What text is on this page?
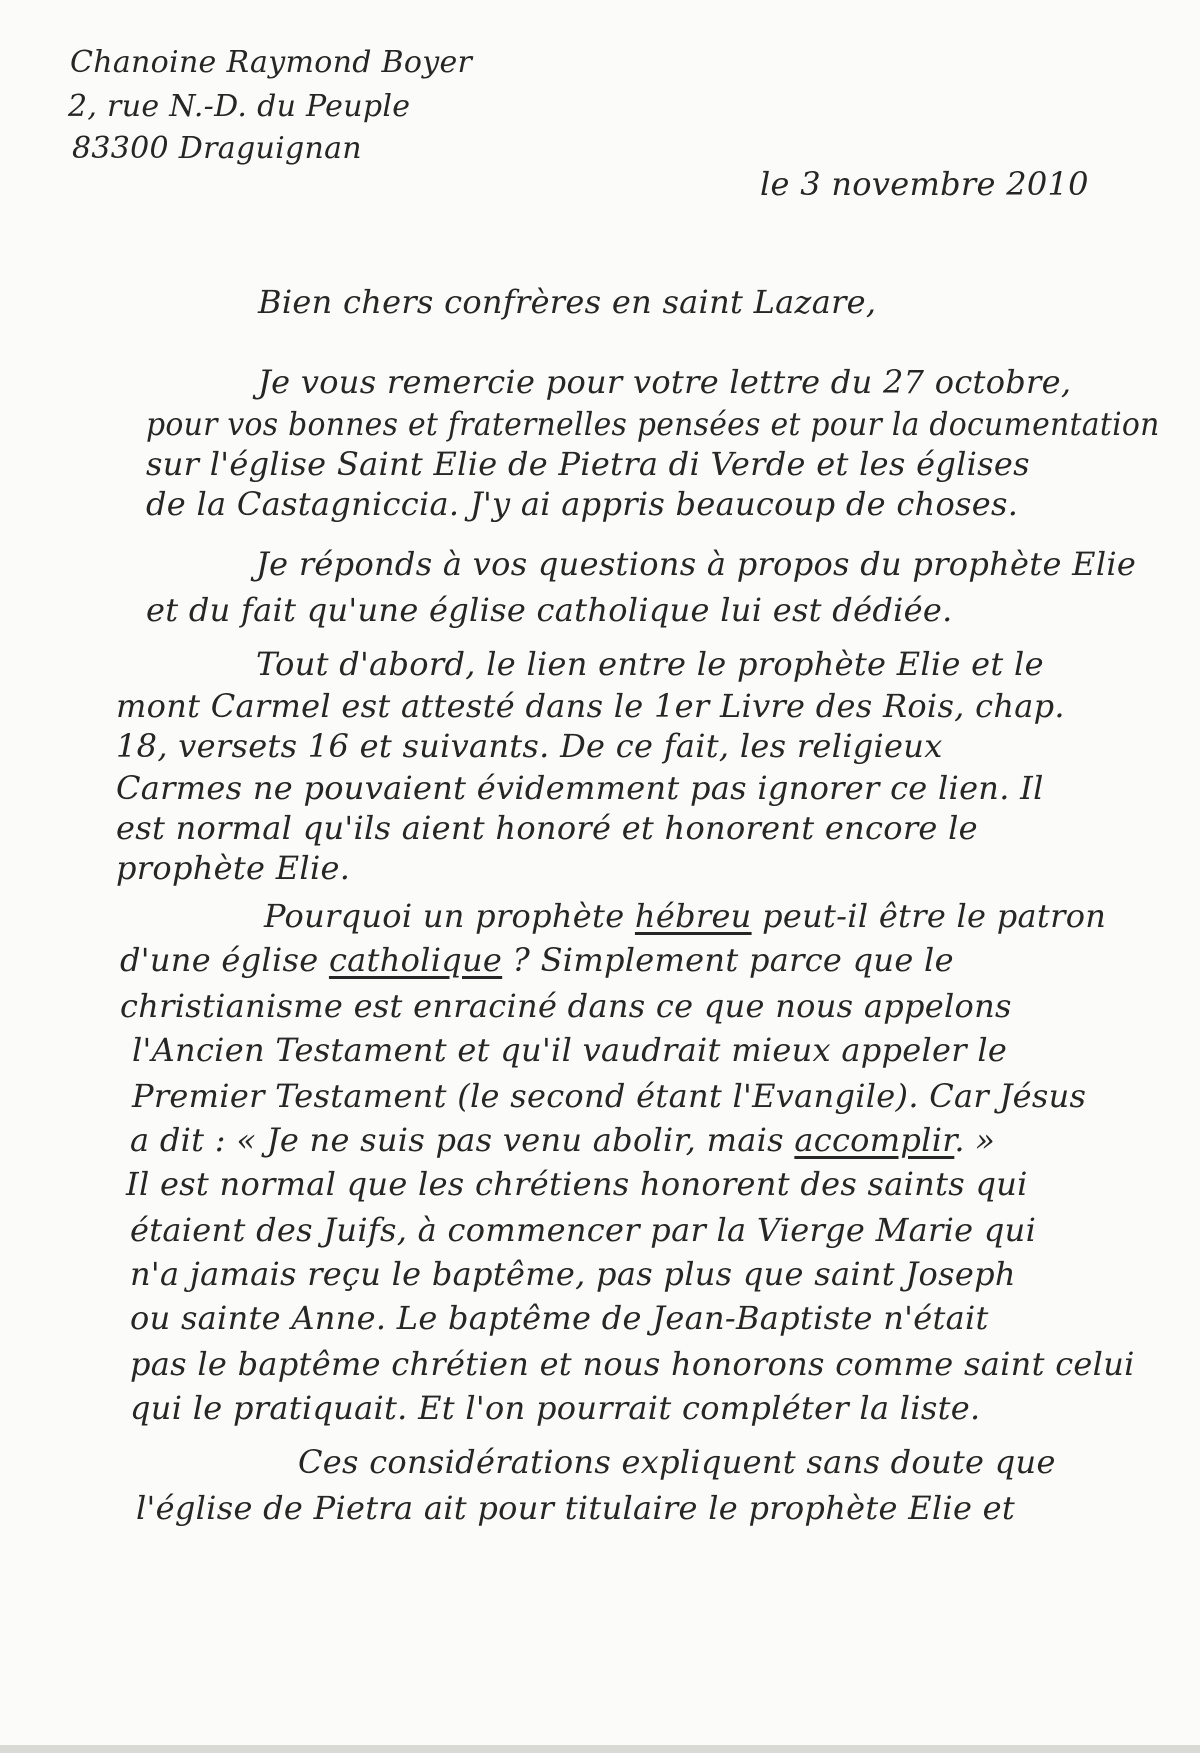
Chanoine Raymond Boyer
2, rue N.-D. du Peuple
83300 Draguignan
le 3 novembre 2010
Bien chers confrères en saint Lazare,
Je vous remercie pour votre lettre du 27 octobre,
pour vos bonnes et fraternelles pensées et pour la documentation
sur l'église Saint Elie de Pietra di Verde et les églises
de la Castagniccia. J'y ai appris beaucoup de choses.
Je réponds à vos questions à propos du prophète Elie
et du fait qu'une église catholique lui est dédiée.
Tout d'abord, le lien entre le prophète Elie et le
mont Carmel est attesté dans le 1er Livre des Rois, chap.
18, versets 16 et suivants. De ce fait, les religieux
Carmes ne pouvaient évidemment pas ignorer ce lien. Il
est normal qu'ils aient honoré et honorent encore le
prophète Elie.
Pourquoi un prophète hébreu peut-il être le patron
d'une église catholique ? Simplement parce que le
christianisme est enraciné dans ce que nous appelons
l'Ancien Testament et qu'il vaudrait mieux appeler le
Premier Testament (le second étant l'Evangile). Car Jésus
a dit : « Je ne suis pas venu abolir, mais accomplir. »
Il est normal que les chrétiens honorent des saints qui
étaient des Juifs, à commencer par la Vierge Marie qui
n'a jamais reçu le baptême, pas plus que saint Joseph
ou sainte Anne. Le baptême de Jean-Baptiste n'était
pas le baptême chrétien et nous honorons comme saint celui
qui le pratiquait. Et l'on pourrait compléter la liste.
Ces considérations expliquent sans doute que
l'église de Pietra ait pour titulaire le prophète Elie et
